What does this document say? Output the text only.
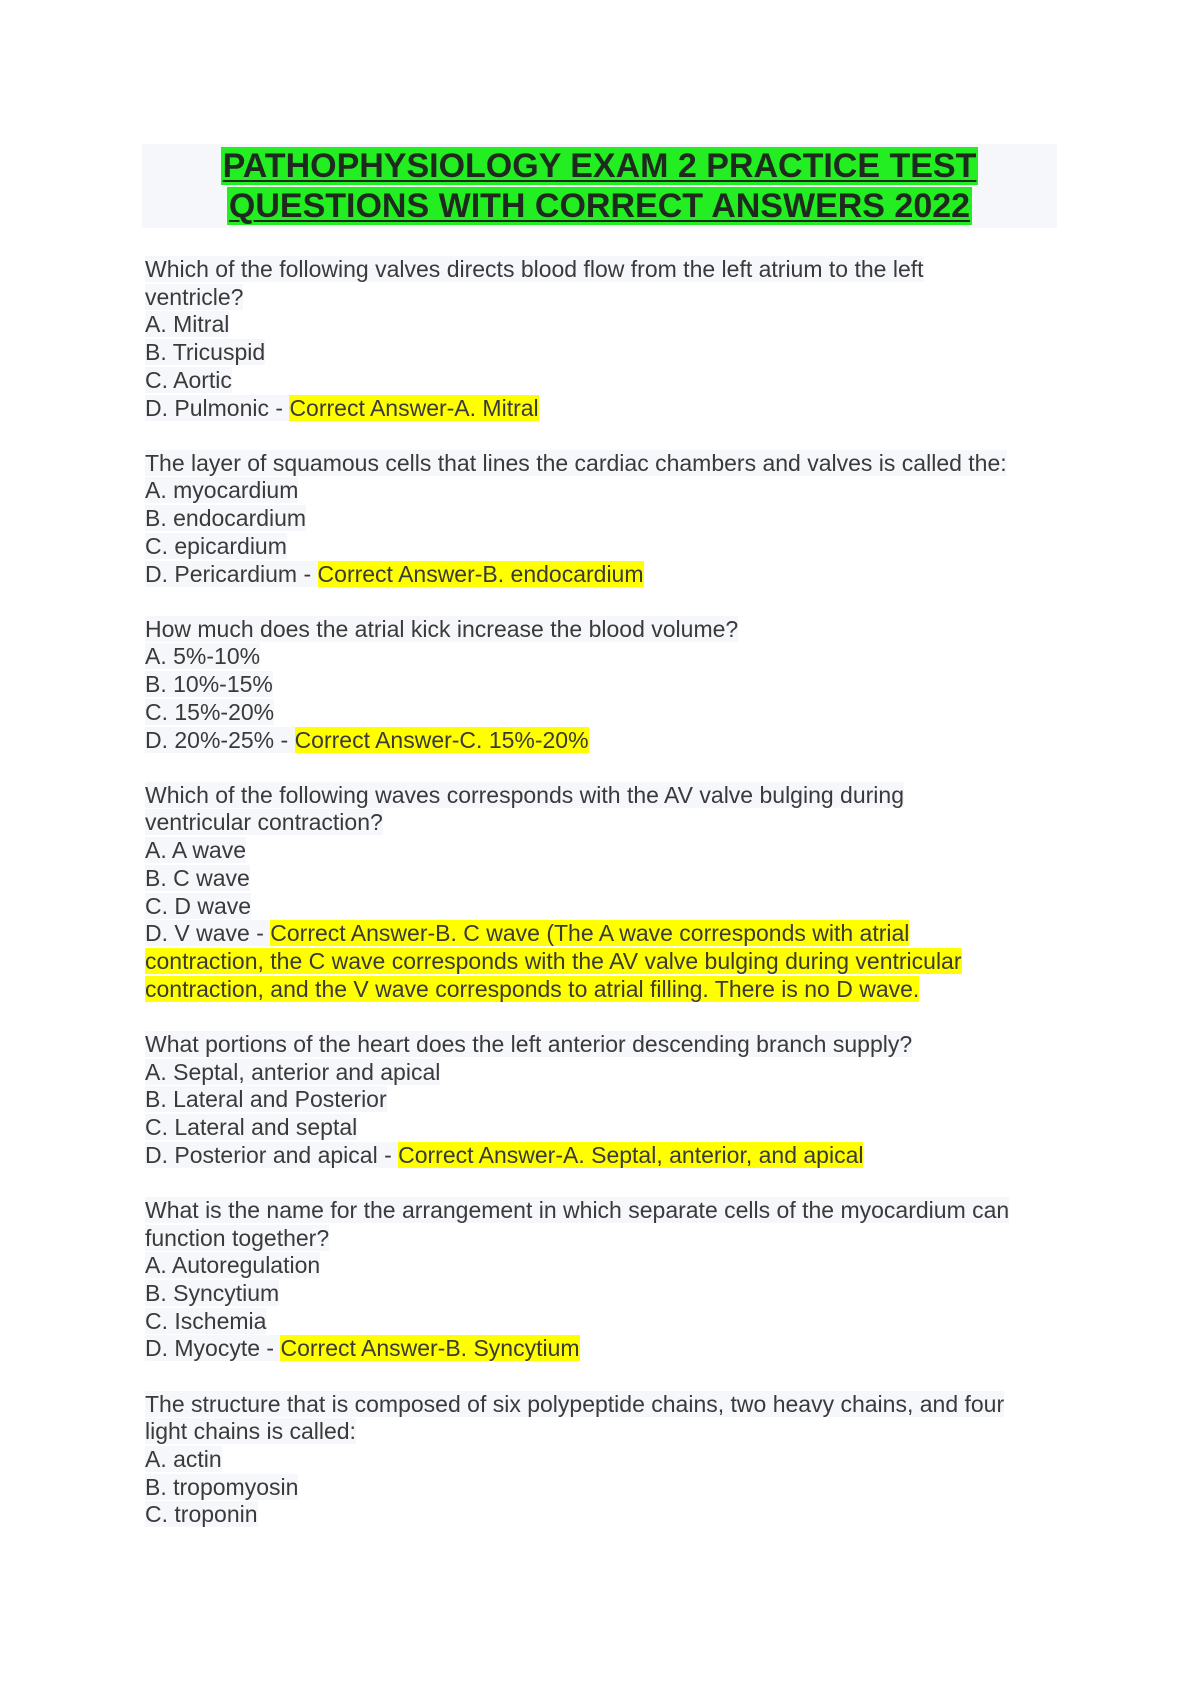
PATHOPHYSIOLOGY EXAM 2 PRACTICE TEST
QUESTIONS WITH CORRECT ANSWERS 2022
Which of the following valves directs blood flow from the left atrium to the left
ventricle?
A. Mitral
B. Tricuspid
C. Aortic
D. Pulmonic - Correct Answer-A. Mitral
The layer of squamous cells that lines the cardiac chambers and valves is called the:
A. myocardium
B. endocardium
C. epicardium
D. Pericardium - Correct Answer-B. endocardium
How much does the atrial kick increase the blood volume?
A. 5%-10%
B. 10%-15%
C. 15%-20%
D. 20%-25% - Correct Answer-C. 15%-20%
Which of the following waves corresponds with the AV valve bulging during
ventricular contraction?
A. A wave
B. C wave
C. D wave
D. V wave - Correct Answer-B. C wave (The A wave corresponds with atrial
contraction, the C wave corresponds with the AV valve bulging during ventricular
contraction, and the V wave corresponds to atrial filling. There is no D wave.
What portions of the heart does the left anterior descending branch supply?
A. Septal, anterior and apical
B. Lateral and Posterior
C. Lateral and septal
D. Posterior and apical - Correct Answer-A. Septal, anterior, and apical
What is the name for the arrangement in which separate cells of the myocardium can
function together?
A. Autoregulation
B. Syncytium
C. Ischemia
D. Myocyte - Correct Answer-B. Syncytium
The structure that is composed of six polypeptide chains, two heavy chains, and four
light chains is called:
A. actin
B. tropomyosin
C. troponin
